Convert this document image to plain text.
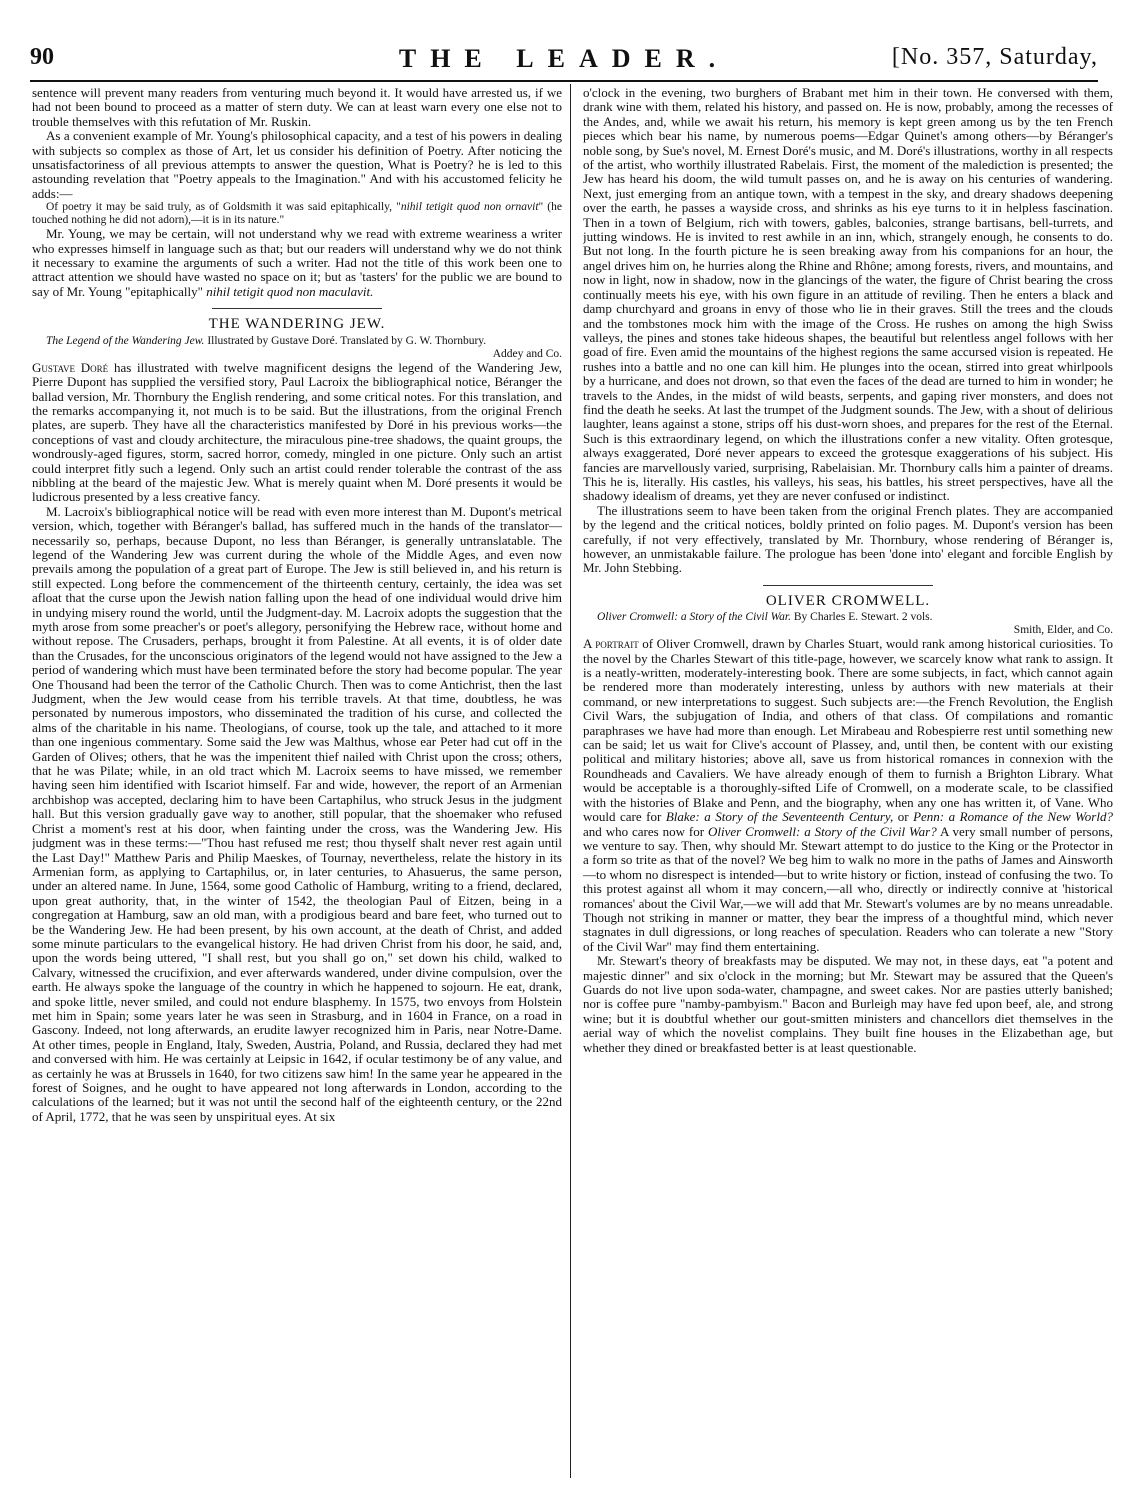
90	THE LEADER.	[No. 357, Saturday,

sentence will prevent many readers from venturing much beyond it. It would have arrested us, if we had not been bound to proceed as a matter of stern duty. We can at least warn every one else not to trouble themselves with this refutation of Mr. Ruskin.

As a convenient example of Mr. Young's philosophical capacity, and a test of his powers in dealing with subjects so complex as those of Art, let us consider his definition of Poetry. After noticing the unsatisfactoriness of all previous attempts to answer the question, What is Poetry? he is led to this astounding revelation that "Poetry appeals to the Imagination." And with his accustomed felicity he adds:—

Of poetry it may be said truly, as of Goldsmith it was said epitaphically, "nihil tetigit quod non ornavit" (he touched nothing he did not adorn),—it is in its nature."

Mr. Young, we may be certain, will not understand why we read with extreme weariness a writer who expresses himself in language such as that; but our readers will understand why we do not think it necessary to examine the arguments of such a writer. Had not the title of this work been one to attract attention we should have wasted no space on it; but as 'tasters' for the public we are bound to say of Mr. Young "epitaphically" nihil tetigit quod non maculavit.

THE WANDERING JEW.

The Legend of the Wandering Jew. Illustrated by Gustave Doré. Translated by G. W. Thornbury.
Addey and Co.

Gustave Doré has illustrated with twelve magnificent designs the legend of the Wandering Jew, Pierre Dupont has supplied the versified story, Paul Lacroix the bibliographical notice, Béranger the ballad version, Mr. Thornbury the English rendering, and some critical notes. For this translation, and the remarks accompanying it, not much is to be said. But the illustrations, from the original French plates, are superb. They have all the characteristics manifested by Doré in his previous works—the conceptions of vast and cloudy architecture, the miraculous pine-tree shadows, the quaint groups, the wondrously-aged figures, storm, sacred horror, comedy, mingled in one picture. Only such an artist could interpret fitly such a legend. Only such an artist could render tolerable the contrast of the ass nibbling at the beard of the majestic Jew. What is merely quaint when M. Doré presents it would be ludicrous presented by a less creative fancy.

M. Lacroix's bibliographical notice will be read with even more interest than M. Dupont's metrical version, which, together with Béranger's ballad, has suffered much in the hands of the translator—necessarily so, perhaps, because Dupont, no less than Béranger, is generally untranslatable. The legend of the Wandering Jew was current during the whole of the Middle Ages, and even now prevails among the population of a great part of Europe. The Jew is still believed in, and his return is still expected. Long before the commencement of the thirteenth century, certainly, the idea was set afloat that the curse upon the Jewish nation falling upon the head of one individual would drive him in undying misery round the world, until the Judgment-day. M. Lacroix adopts the suggestion that the myth arose from some preacher's or poet's allegory, personifying the Hebrew race, without home and without repose. The Crusaders, perhaps, brought it from Palestine. At all events, it is of older date than the Crusades, for the unconscious originators of the legend would not have assigned to the Jew a period of wandering which must have been terminated before the story had become popular. The year One Thousand had been the terror of the Catholic Church. Then was to come Antichrist, then the last Judgment, when the Jew would cease from his terrible travels. At that time, doubtless, he was personated by numerous impostors, who disseminated the tradition of his curse, and collected the alms of the charitable in his name. Theologians, of course, took up the tale, and attached to it more than one ingenious commentary. Some said the Jew was Malthus, whose ear Peter had cut off in the Garden of Olives; others, that he was the impenitent thief nailed with Christ upon the cross; others, that he was Pilate; while, in an old tract which M. Lacroix seems to have missed, we remember having seen him identified with Iscariot himself. Far and wide, however, the report of an Armenian archbishop was accepted, declaring him to have been Cartaphilus, who struck Jesus in the judgment hall. But this version gradually gave way to another, still popular, that the shoemaker who refused Christ a moment's rest at his door, when fainting under the cross, was the Wandering Jew. His judgment was in these terms:—"Thou hast refused me rest; thou thyself shalt never rest again until the Last Day!" Matthew Paris and Philip Maeskes, of Tournay, nevertheless, relate the history in its Armenian form, as applying to Cartaphilus, or, in later centuries, to Ahasuerus, the same person, under an altered name. In June, 1564, some good Catholic of Hamburg, writing to a friend, declared, upon great authority, that, in the winter of 1542, the theologian Paul of Eitzen, being in a congregation at Hamburg, saw an old man, with a prodigious beard and bare feet, who turned out to be the Wandering Jew. He had been present, by his own account, at the death of Christ, and added some minute particulars to the evangelical history. He had driven Christ from his door, he said, and, upon the words being uttered, "I shall rest, but you shall go on," set down his child, walked to Calvary, witnessed the crucifixion, and ever afterwards wandered, under divine compulsion, over the earth. He always spoke the language of the country in which he happened to sojourn. He eat, drank, and spoke little, never smiled, and could not endure blasphemy. In 1575, two envoys from Holstein met him in Spain; some years later he was seen in Strasburg, and in 1604 in France, on a road in Gascony. Indeed, not long afterwards, an erudite lawyer recognized him in Paris, near Notre-Dame. At other times, people in England, Italy, Sweden, Austria, Poland, and Russia, declared they had met and conversed with him. He was certainly at Leipsic in 1642, if ocular testimony be of any value, and as certainly he was at Brussels in 1640, for two citizens saw him! In the same year he appeared in the forest of Soignes, and he ought to have appeared not long afterwards in London, according to the calculations of the learned; but it was not until the second half of the eighteenth century, or the 22nd of April, 1772, that he was seen by unspiritual eyes. At six

o'clock in the evening, two burghers of Brabant met him in their town. He conversed with them, drank wine with them, related his history, and passed on. He is now, probably, among the recesses of the Andes, and, while we await his return, his memory is kept green among us by the ten French pieces which bear his name, by numerous poems—Edgar Quinet's among others—by Béranger's noble song, by Sue's novel, M. Ernest Doré's music, and M. Doré's illustrations, worthy in all respects of the artist, who worthily illustrated Rabelais. First, the moment of the malediction is presented; the Jew has heard his doom, the wild tumult passes on, and he is away on his centuries of wandering. Next, just emerging from an antique town, with a tempest in the sky, and dreary shadows deepening over the earth, he passes a wayside cross, and shrinks as his eye turns to it in helpless fascination. Then in a town of Belgium, rich with towers, gables, balconies, strange bartisans, bell-turrets, and jutting windows. He is invited to rest awhile in an inn, which, strangely enough, he consents to do. But not long. In the fourth picture he is seen breaking away from his companions for an hour, the angel drives him on, he hurries along the Rhine and Rhône; among forests, rivers, and mountains, and now in light, now in shadow, now in the glancings of the water, the figure of Christ bearing the cross continually meets his eye, with his own figure in an attitude of reviling. Then he enters a black and damp churchyard and groans in envy of those who lie in their graves. Still the trees and the clouds and the tombstones mock him with the image of the Cross. He rushes on among the high Swiss valleys, the pines and stones take hideous shapes, the beautiful but relentless angel follows with her goad of fire. Even amid the mountains of the highest regions the same accursed vision is repeated. He rushes into a battle and no one can kill him. He plunges into the ocean, stirred into great whirlpools by a hurricane, and does not drown, so that even the faces of the dead are turned to him in wonder; he travels to the Andes, in the midst of wild beasts, serpents, and gaping river monsters, and does not find the death he seeks. At last the trumpet of the Judgment sounds. The Jew, with a shout of delirious laughter, leans against a stone, strips off his dust-worn shoes, and prepares for the rest of the Eternal. Such is this extraordinary legend, on which the illustrations confer a new vitality. Often grotesque, always exaggerated, Doré never appears to exceed the grotesque exaggerations of his subject. His fancies are marvellously varied, surprising, Rabelaisian. Mr. Thornbury calls him a painter of dreams. This he is, literally. His castles, his valleys, his seas, his battles, his street perspectives, have all the shadowy idealism of dreams, yet they are never confused or indistinct.

The illustrations seem to have been taken from the original French plates. They are accompanied by the legend and the critical notices, boldly printed on folio pages. M. Dupont's version has been carefully, if not very effectively, translated by Mr. Thornbury, whose rendering of Béranger is, however, an unmistakable failure. The prologue has been 'done into' elegant and forcible English by Mr. John Stebbing.

OLIVER CROMWELL.

Oliver Cromwell: a Story of the Civil War. By Charles E. Stewart. 2 vols.

Smith, Elder, and Co.

A portrait of Oliver Cromwell, drawn by Charles Stuart, would rank among historical curiosities. To the novel by the Charles Stewart of this title-page, however, we scarcely know what rank to assign. It is a neatly-written, moderately-interesting book. There are some subjects, in fact, which cannot again be rendered more than moderately interesting, unless by authors with new materials at their command, or new interpretations to suggest. Such subjects are:—the French Revolution, the English Civil Wars, the subjugation of India, and others of that class. Of compilations and romantic paraphrases we have had more than enough. Let Mirabeau and Robespierre rest until something new can be said; let us wait for Clive's account of Plassey, and, until then, be content with our existing political and military histories; above all, save us from historical romances in connexion with the Roundheads and Cavaliers. We have already enough of them to furnish a Brighton Library. What would be acceptable is a thoroughly-sifted Life of Cromwell, on a moderate scale, to be classified with the histories of Blake and Penn, and the biography, when any one has written it, of Vane. Who would care for Blake: a Story of the Seventeenth Century, or Penn: a Romance of the New World? and who cares now for Oliver Cromwell: a Story of the Civil War? A very small number of persons, we venture to say. Then, why should Mr. Stewart attempt to do justice to the King or the Protector in a form so trite as that of the novel? We beg him to walk no more in the paths of James and Ainsworth—to whom no disrespect is intended—but to write history or fiction, instead of confusing the two. To this protest against all whom it may concern,—all who, directly or indirectly connive at 'historical romances' about the Civil War,—we will add that Mr. Stewart's volumes are by no means unreadable. Though not striking in manner or matter, they bear the impress of a thoughtful mind, which never stagnates in dull digressions, or long reaches of speculation. Readers who can tolerate a new "Story of the Civil War" may find them entertaining.

Mr. Stewart's theory of breakfasts may be disputed. We may not, in these days, eat "a potent and majestic dinner" and six o'clock in the morning; but Mr. Stewart may be assured that the Queen's Guards do not live upon soda-water, champagne, and sweet cakes. Nor are pasties utterly banished; nor is coffee pure "namby-pambyism." Bacon and Burleigh may have fed upon beef, ale, and strong wine; but it is doubtful whether our gout-smitten ministers and chancellors diet themselves in the aerial way of which the novelist complains. They built fine houses in the Elizabethan age, but whether they dined or breakfasted better is at least questionable.
